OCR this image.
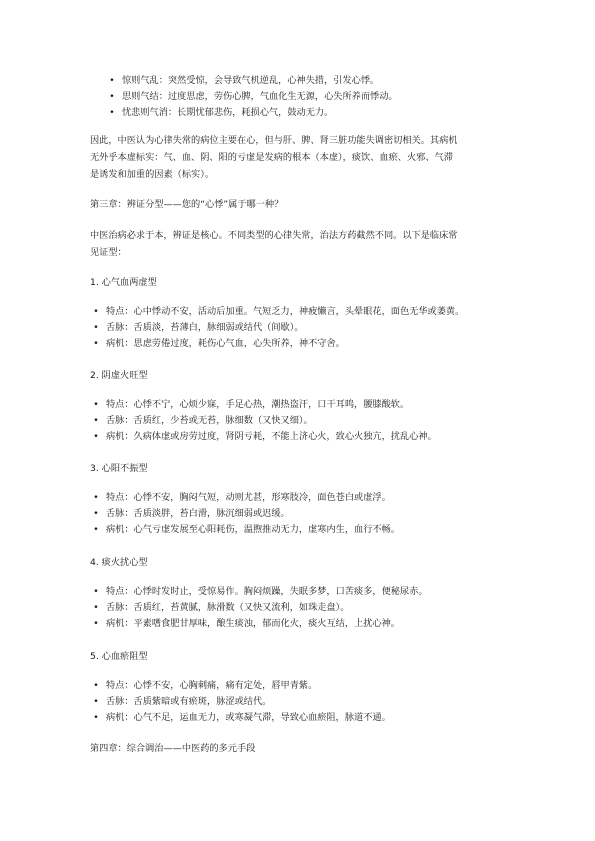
• 惊则气乱：突然受惊，会导致气机逆乱，心神失措，引发心悸。
• 思则气结：过度思虑，劳伤心脾，气血化生无源，心失所养而悸动。
• 忧悲则气消：长期忧郁悲伤，耗损心气，鼓动无力。
因此，中医认为心律失常的病位主要在心，但与肝、脾、肾三脏功能失调密切相关。其病机
无外乎本虚标实：气、血、阴、阳的亏虚是发病的根本（本虚），痰饮、血瘀、火邪、气滞
是诱发和加重的因素（标实）。
第三章：辨证分型——您的“心悸”属于哪一种？
中医治病必求于本，辨证是核心。不同类型的心律失常，治法方药截然不同。以下是临床常
见证型：
1. 心气血两虚型
• 特点：心中悸动不安，活动后加重。气短乏力，神疲懒言，头晕眼花，面色无华或萎黄。
• 舌脉：舌质淡，苔薄白，脉细弱或结代（间歇）。
• 病机：思虑劳倦过度，耗伤心气血，心失所养，神不守舍。
2. 阴虚火旺型
• 特点：心悸不宁，心烦少寐，手足心热，潮热盗汗，口干耳鸣，腰膝酸软。
• 舌脉：舌质红，少苔或无苔，脉细数（又快又细）。
• 病机：久病体虚或房劳过度，肾阴亏耗，不能上济心火，致心火独亢，扰乱心神。
3. 心阳不振型
• 特点：心悸不安，胸闷气短，动则尤甚，形寒肢冷，面色苍白或虚浮。
• 舌脉：舌质淡胖，苔白滑，脉沉细弱或迟缓。
• 病机：心气亏虚发展至心阳耗伤，温煦推动无力，虚寒内生，血行不畅。
4. 痰火扰心型
• 特点：心悸时发时止，受惊易作。胸闷烦躁，失眠多梦，口苦痰多，便秘尿赤。
• 舌脉：舌质红，苔黄腻，脉滑数（又快又流利，如珠走盘）。
• 病机：平素嗜食肥甘厚味，酿生痰浊，郁而化火，痰火互结，上扰心神。
5. 心血瘀阻型
• 特点：心悸不安，心胸刺痛，痛有定处，唇甲青紫。
• 舌脉：舌质紫暗或有瘀斑，脉涩或结代。
• 病机：心气不足，运血无力，或寒凝气滞，导致心血瘀阻，脉道不通。
第四章：综合调治——中医药的多元手段
